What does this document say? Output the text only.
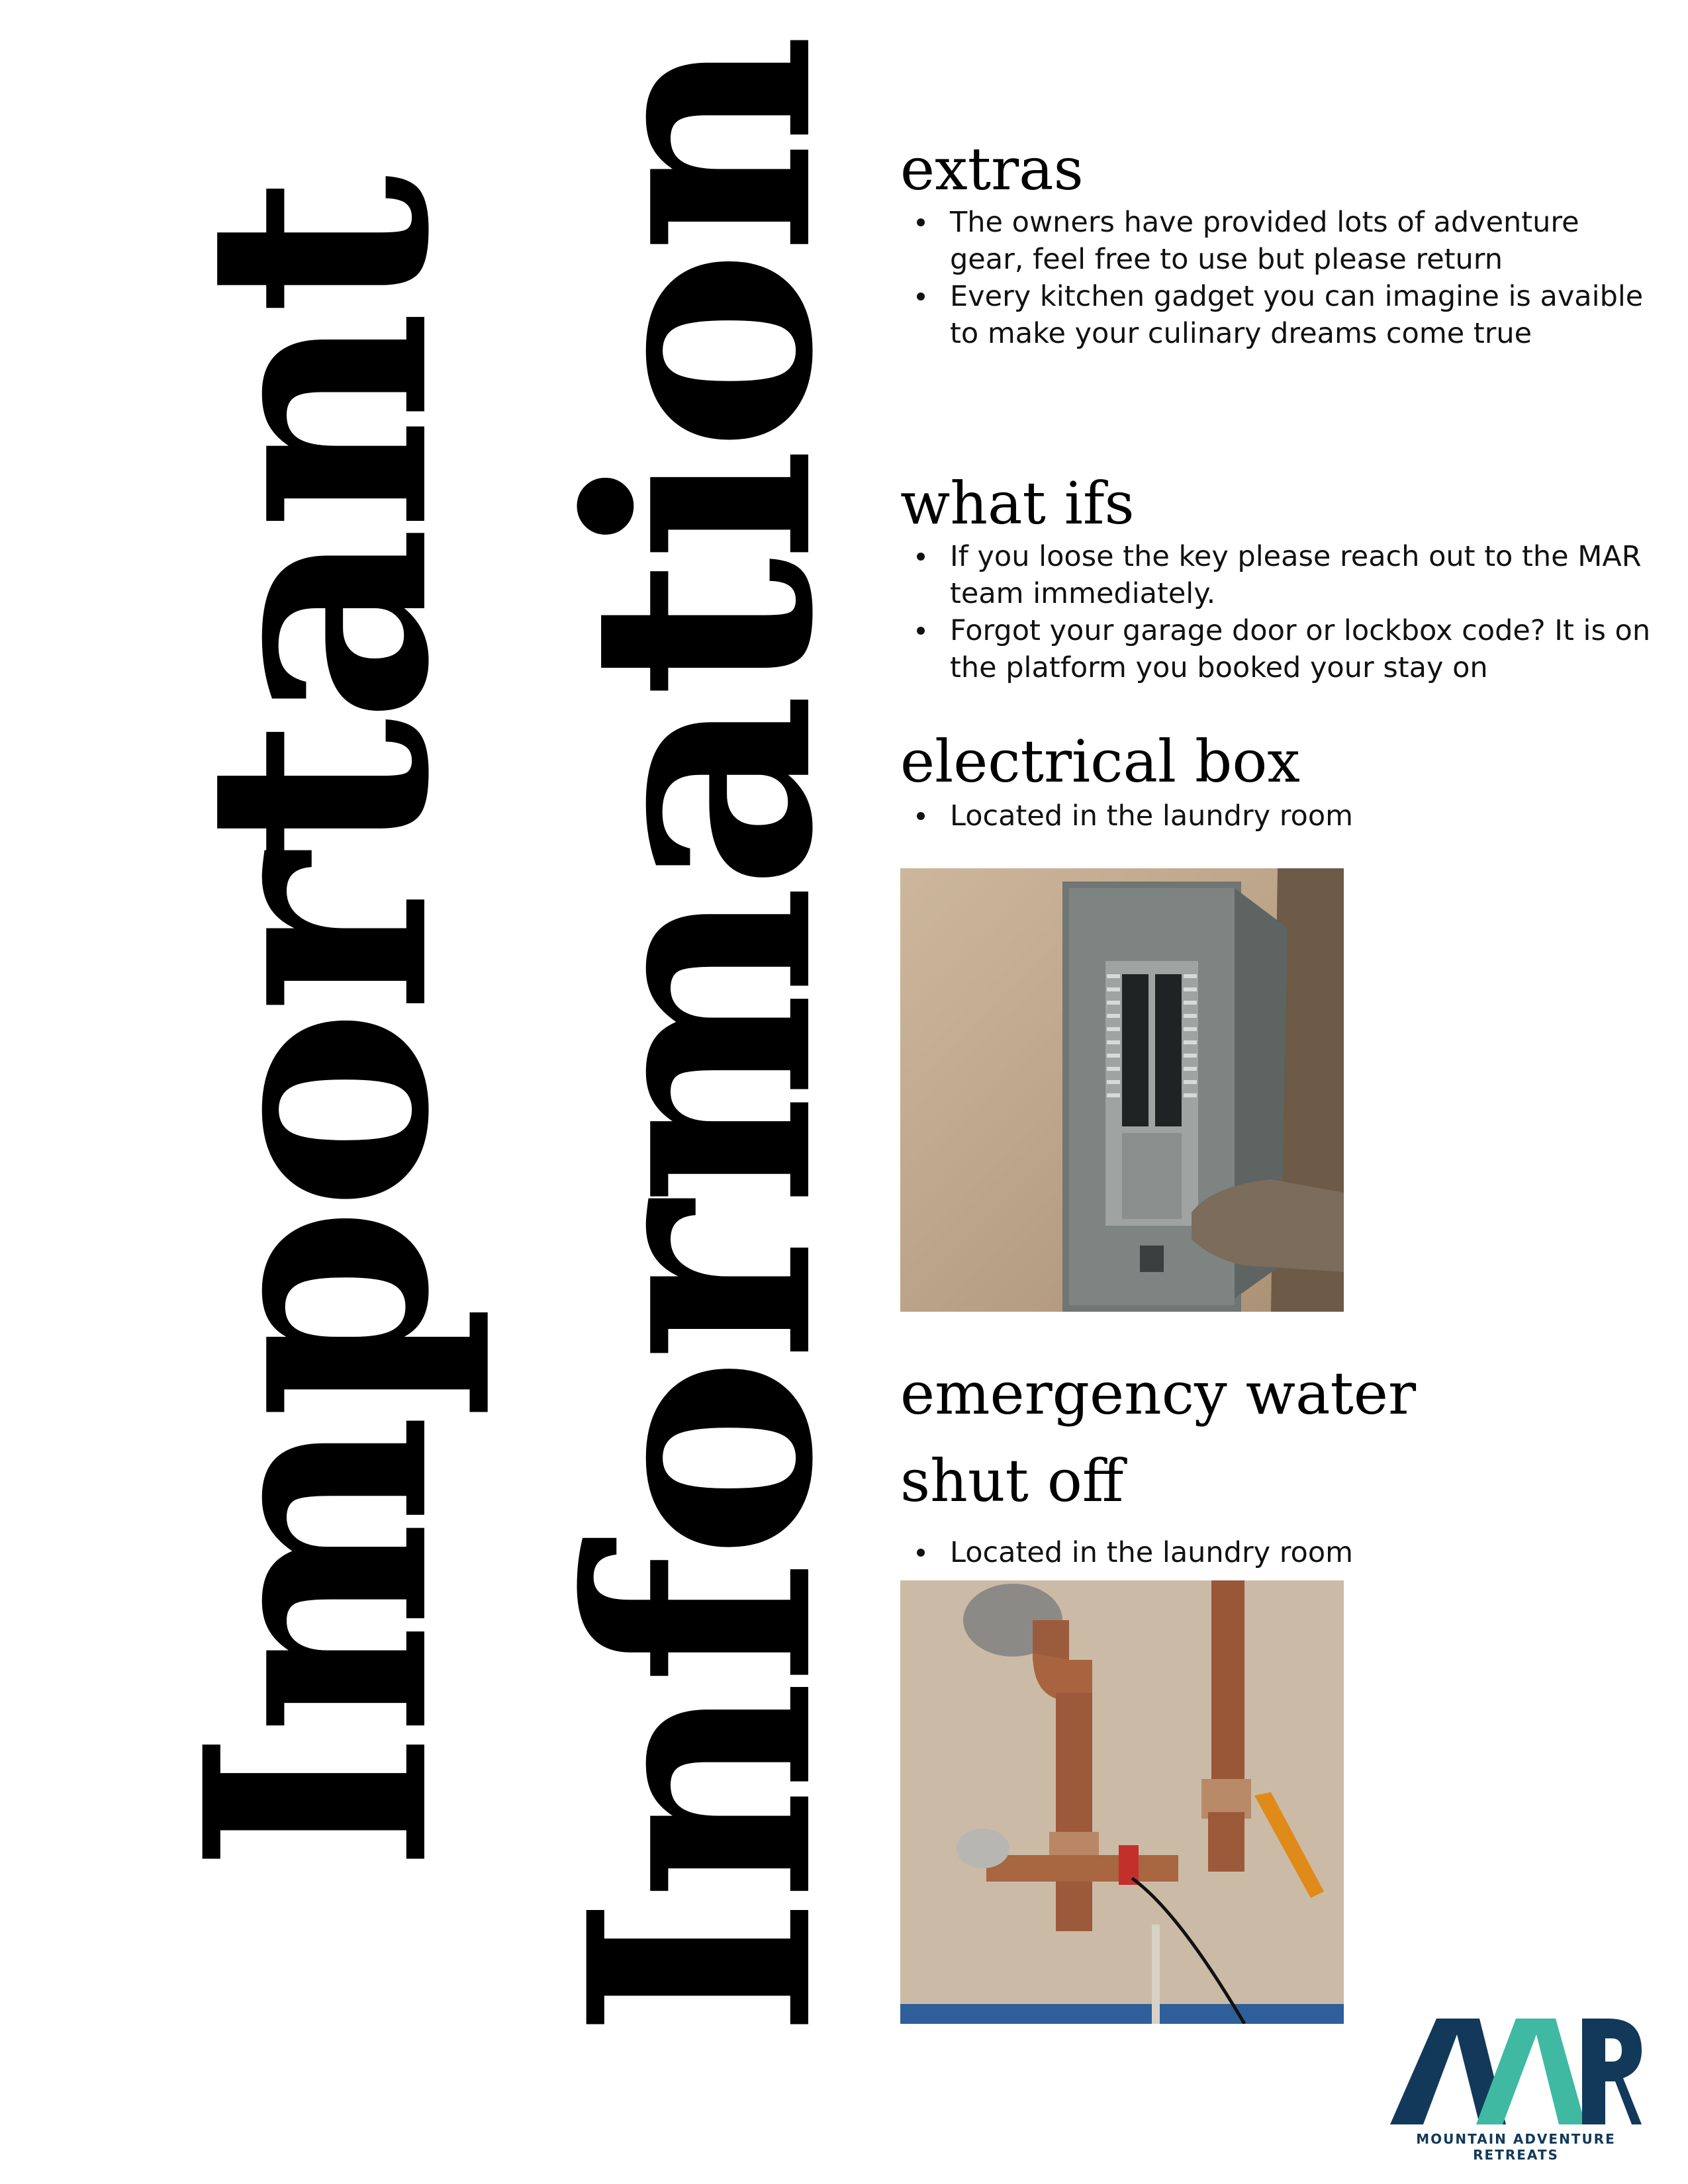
Important Information extras
The owners have provided lots of adventure gear, feel free to use but please return
Every kitchen gadget you can imagine is avaible to make your culinary dreams come true
what ifs
If you loose the key please reach out to the MAR team immediately.
Forgot your garage door or lockbox code? It is on the platform you booked your stay on
electrical box
Located in the laundry room
emergency water shut off
Located in the laundry room
MOUNTAIN ADVENTURE RETREATS
